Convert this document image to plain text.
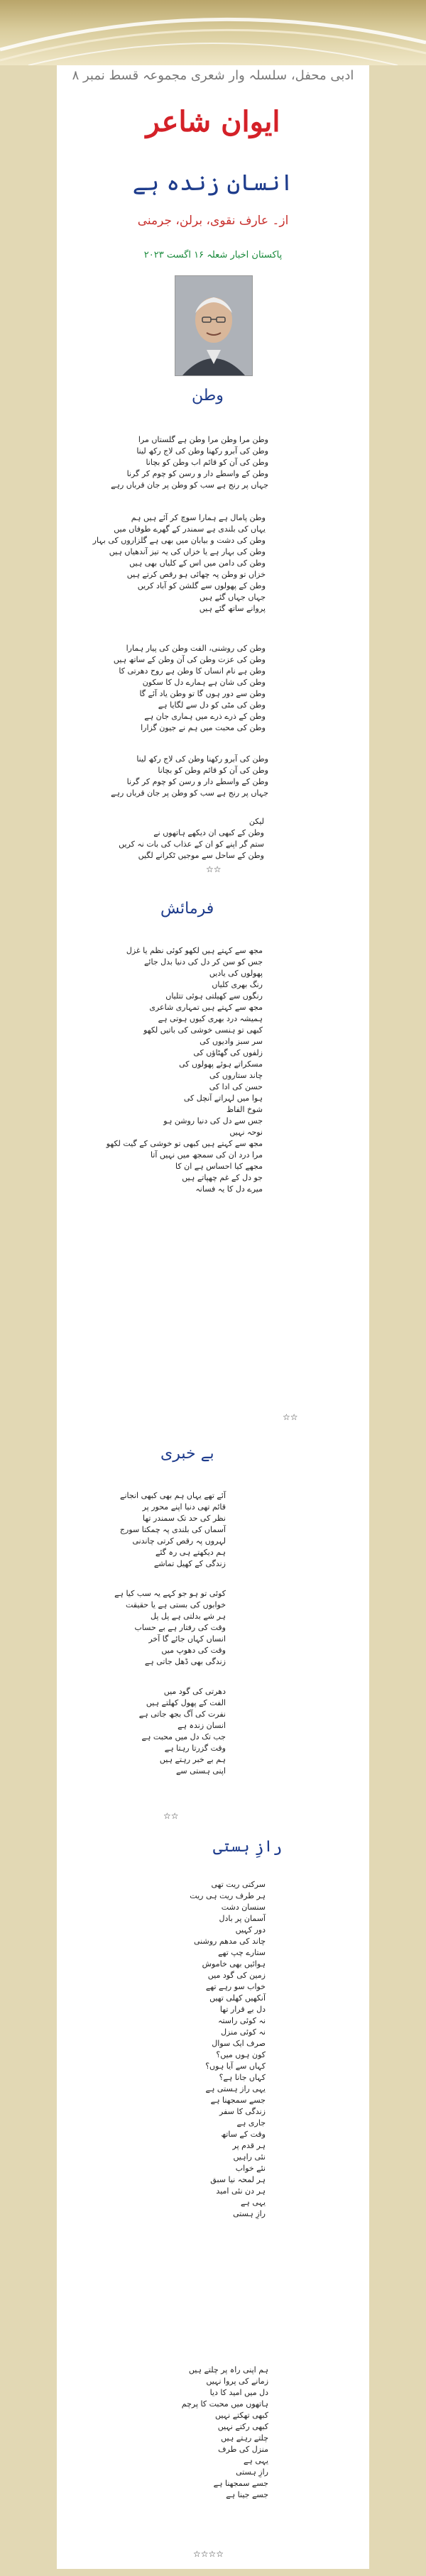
ادبی محفل، سلسلہ وار شعری مجموعہ قسط نمبر ۸
ایوان شاعر
انسان زندہ ہے
از۔ عارف نقوی، برلن، جرمنی
پاکستان اخبار شعلہ ۱۶ اگست ۲۰۲۳
وطن
وطن مرا وطن مرا وطن ہے گلستاں مرا
وطن کی آبرو رکھنا وطن کی لاج رکھ لینا
وطن کی آن کو قائم اب وطن کو بچانا
وطن کے واسطے دار و رسن کو چوم کر گرنا
جہاں پر رنج ہے سب کو وطن پر جان قرباں رہے
وطن پامال ہے ہمارا سوچ کر آئے ہیں ہم
یہاں کی بلندی ہے سمندر کے گھرے طوفاں میں
وطن کی دشت و بیابان میں بھی ہے گلزاروں کی بہار
وطن کی بہار ہے یا خزاں کی یہ تیز آندھیاں ہیں
وطن کی دامن میں اس کے کلیاں بھی ہیں
خزاں تو وطن پہ چھائی ہو رقص کرتے ہیں
وطن کے پھولوں سے گلشن کو آباد کریں
جہاں جہاں گئے ہیں
پروانے ساتھ گئے ہیں
وطن کی روشنی، الفت وطن کی پیار ہمارا
وطن کی عزت وطن کی آن وطن کے ساتھ ہیں
وطن ہے نام انساں کا وطن ہے روح دھرتی کا
وطن کی شان ہے ہمارے دل کا سکون
وطن سے دور ہوں گا تو وطن یاد آئے گا
وطن کی مٹی کو دل سے لگایا ہے
وطن کے ذرے ذرے میں ہماری جان ہے
وطن کی محبت میں ہم نے جیون گزارا
وطن کی آبرو رکھنا وطن کی لاج رکھ لینا
وطن کی آن کو قائم وطن کو بچانا
وطن کے واسطے دار و رسن کو چوم کر گرنا
جہاں پر رنج ہے سب کو وطن پر جان قرباں رہے
لیکن
وطن کے کبھی ان دیکھے ہاتھوں نے
ستم گر اپنے کو ان کے عذاب کی بات نہ کریں
وطن کے ساحل سے موجیں ٹکرانے لگیں
☆☆
فرمائش
مجھ سے کہتے ہیں لکھو کوئی نظم یا غزل
جس کو سن کر دل کی دنیا بدل جائے
پھولوں کی یادیں
رنگ بھری کلیاں
رنگوں سے کھیلتی ہوئی تتلیاں
مجھ سے کہتے ہیں تمہاری شاعری
ہمیشہ درد بھری کیوں ہوتی ہے
کبھی تو ہنسی خوشی کی باتیں لکھو
سر سبز وادیوں کی
زلفوں کی گھٹاؤں کی
مسکراتے ہوئے پھولوں کی
چاند ستاروں کی
حسن کی ادا کی
ہوا میں لہراتے آنچل کی
شوخ الفاظ
جس سے دل کی دنیا روشن ہو
نوحہ نہیں
مجھ سے کہتے ہیں کبھی تو خوشی کے گیت لکھو
مرا درد ان کی سمجھ میں نہیں آتا
مجھے کیا احساس ہے ان کا
جو دل کے غم چھپاتے ہیں
میرے دل کا یہ فسانہ
☆☆
بے خبری
آئے تھے یہاں ہم بھی کبھی انجانے
قائم تھی دنیا اپنے محور پر
نظر کی حد تک سمندر تھا
آسماں کی بلندی پہ چمکتا سورج
لہروں پہ رقص کرتی چاندنی
ہم دیکھتے ہی رہ گئے
زندگی کے کھیل تماشے
کوئی تو ہو جو کہے یہ سب کیا ہے
خوابوں کی بستی ہے یا حقیقت
ہر شے بدلتی ہے پل پل
وقت کی رفتار ہے بے حساب
انساں کہاں جائے گا آخر
وقت کی دھوپ میں
زندگی بھی ڈھل جاتی ہے
دھرتی کی گود میں
الفت کے پھول کھلتے ہیں
نفرت کی آگ بجھ جاتی ہے
انسان زندہ ہے
جب تک دل میں محبت ہے
وقت گزرتا رہتا ہے
ہم بے خبر رہتے ہیں
اپنی ہستی سے
☆☆
رازِ ہستی
سرکتی ریت تھی
ہر طرف ریت ہی ریت
سنسان دشت
آسمان پر بادل
دور کہیں
چاند کی مدھم روشنی
ستارے چپ تھے
ہوائیں بھی خاموش
زمین کی گود میں
خواب سو رہے تھے
آنکھیں کھلی تھیں
دل بے قرار تھا
نہ کوئی راستہ
نہ کوئی منزل
صرف ایک سوال
کون ہوں میں؟
کہاں سے آیا ہوں؟
کہاں جانا ہے؟
یہی راز ہستی ہے
جسے سمجھنا ہے
زندگی کا سفر
جاری ہے
وقت کے ساتھ
ہر قدم پر
نئی راہیں
نئے خواب
ہر لمحہ نیا سبق
ہر دن نئی امید
یہی ہے
رازِ ہستی
ہم اپنی راہ پر چلتے ہیں
زمانے کی پروا نہیں
دل میں امید کا دیا
ہاتھوں میں محبت کا پرچم
کبھی تھکتے نہیں
کبھی رکتے نہیں
چلتے رہتے ہیں
منزل کی طرف
یہی ہے
رازِ ہستی
جسے سمجھنا ہے
جسے جینا ہے
☆☆☆☆
